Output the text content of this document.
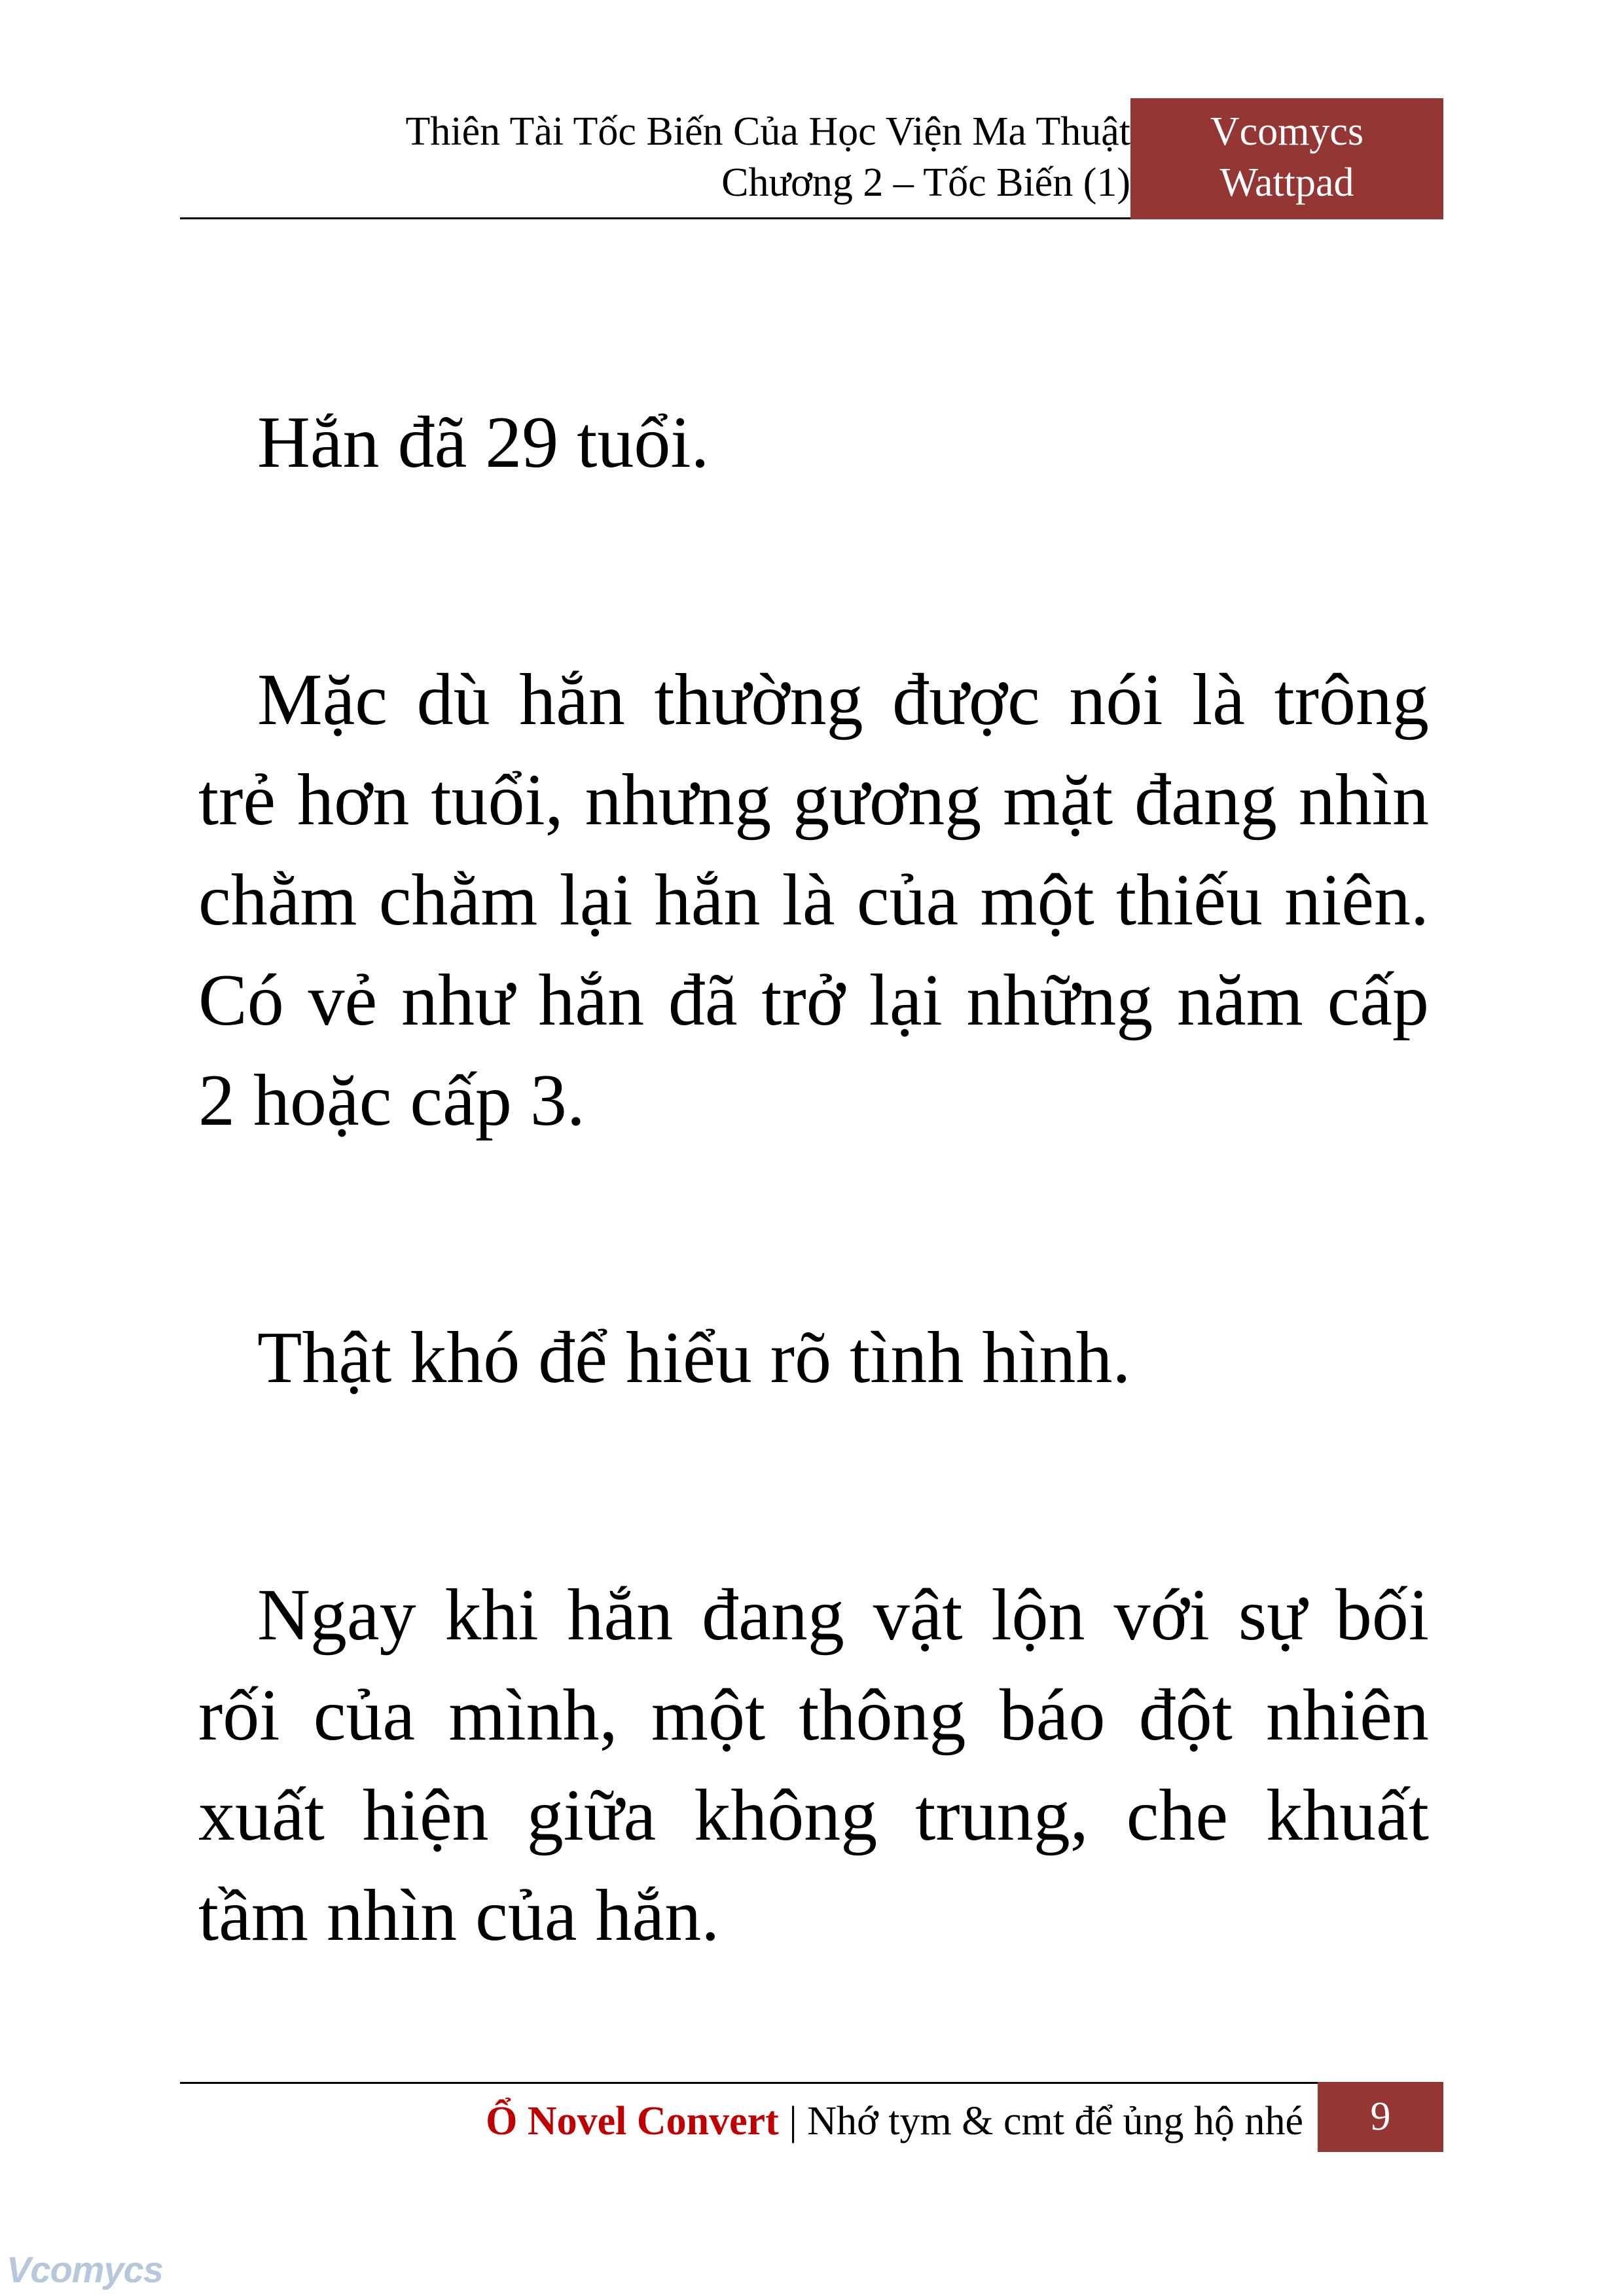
Thiên Tài Tốc Biến Của Học Viện Ma Thuật
Chương 2 – Tốc Biến (1)
Vcomycs
Wattpad

Hắn đã 29 tuổi.

Mặc dù hắn thường được nói là trông trẻ hơn tuổi, nhưng gương mặt đang nhìn chằm chằm lại hắn là của một thiếu niên. Có vẻ như hắn đã trở lại những năm cấp 2 hoặc cấp 3.

Thật khó để hiểu rõ tình hình.

Ngay khi hắn đang vật lộn với sự bối rối của mình, một thông báo đột nhiên xuất hiện giữa không trung, che khuất tầm nhìn của hắn.

Ổ Novel Convert | Nhớ tym & cmt để ủng hộ nhé	9
Vcomycs
